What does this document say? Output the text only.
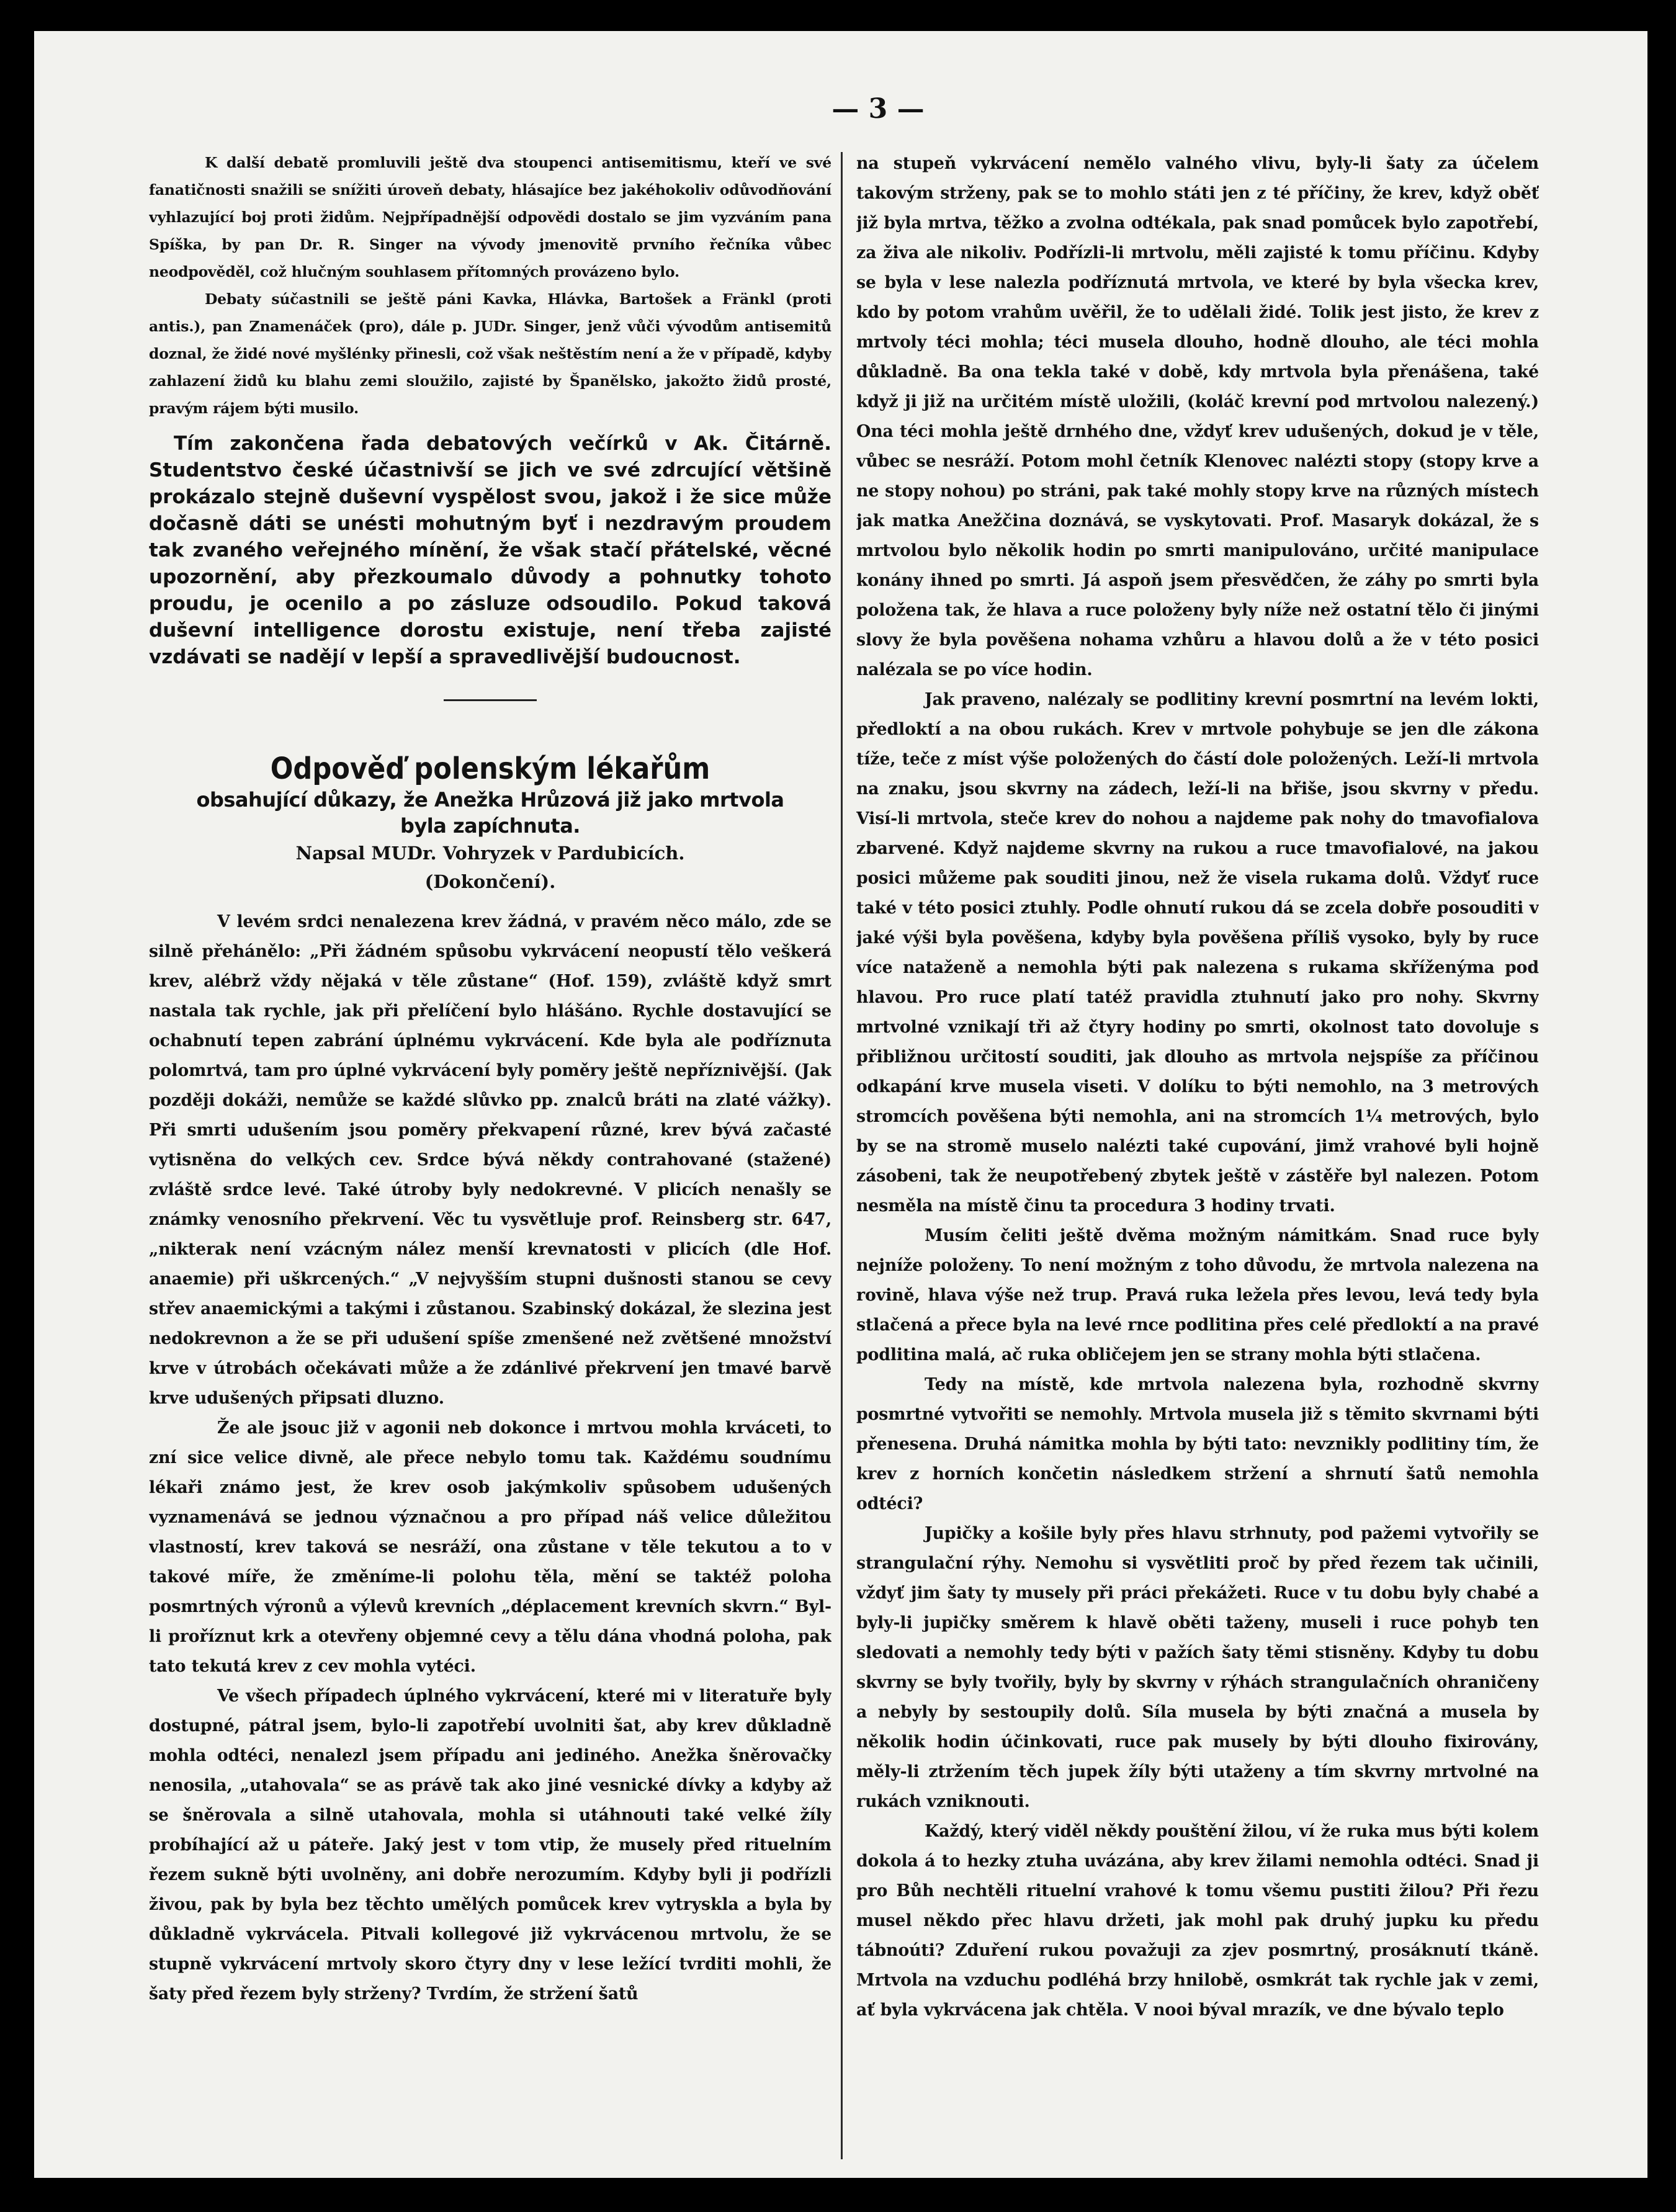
— 3 —

K další debatě promluvili ještě dva stoupenci antisemitismu, kteří ve své fanatičnosti snažili se snížiti úroveň debaty, hlásajíce bez jakéhokoliv odůvodňování vyhlazující boj proti židům. Nejpřípadnější odpovědi dostalo se jim vyzváním pana Spíška, by pan Dr. R. Singer na vývody jmenovitě prvního řečníka vůbec neodpověděl, což hlučným souhlasem přítomných provázeno bylo.

Debaty súčastnili se ještě páni Kavka, Hlávka, Bartošek a Fränkl (proti antis.), pan Znamenáček (pro), dále p. JUDr. Singer, jenž vůči vývodům antisemitů doznal, že židé nové myšlénky přinesli, což však neštěstím není a že v případě, kdyby zahlazení židů ku blahu zemi sloužilo, zajisté by Španělsko, jakožto židů prosté, pravým rájem býti musilo.

Tím zakončena řada debatových večírků v Ak. Čitárně. Studentstvo české účastnivší se jich ve své zdrcující většině prokázalo stejně duševní vyspělost svou, jakož i že sice může dočasně dáti se unésti mohutným byť i nezdravým proudem tak zvaného veřejného mínění, že však stačí přátelské, věcné upozornění, aby přezkoumalo důvody a pohnutky tohoto proudu, je ocenilo a po zásluze odsoudilo. Pokud taková duševní intelligence dorostu existuje, není třeba zajisté vzdávati se nadějí v lepší a spravedlivější budoucnost.

Odpověď polenským lékařům

obsahující důkazy, že Anežka Hrůzová již jako mrtvola

byla zapíchnuta.

Napsal MUDr. Vohryzek v Pardubicích.

(Dokončení).

V levém srdci nenalezena krev žádná, v pravém něco málo, zde se silně přehánělo: „Při žádném spůsobu vykrvácení neopustí tělo veškerá krev, alébrž vždy nějaká v těle zůstane“ (Hof. 159), zvláště když smrt nastala tak rychle, jak při přelíčení bylo hlášáno. Rychle dostavující se ochabnutí tepen zabrání úplnému vykrvácení. Kde byla ale podříznuta polomrtvá, tam pro úplné vykrvácení byly poměry ještě nepříznivější. (Jak později dokáži, nemůže se každé slůvko pp. znalců bráti na zlaté vážky). Při smrti udušením jsou poměry překvapení různé, krev bývá začasté vytisněna do velkých cev. Srdce bývá někdy contrahované (stažené) zvláště srdce levé. Také útroby byly nedokrevné. V plicích nenašly se známky venosního překrvení. Věc tu vysvětluje prof. Reinsberg str. 647, „nikterak není vzácným nález menší krevnatosti v plicích (dle Hof. anaemie) při uškrcených.“ „V nejvyšším stupni dušnosti stanou se cevy střev anaemickými a takými i zůstanou. Szabinský dokázal, že slezina jest nedokrevnon a že se při udušení spíše zmenšené než zvětšené množství krve v útrobách očekávati může a že zdánlivé překrvení jen tmavé barvě krve udušených připsati dluzno.

Že ale jsouc již v agonii neb dokonce i mrtvou mohla krváceti, to zní sice velice divně, ale přece nebylo tomu tak. Každému soudnímu lékaři známo jest, že krev osob jakýmkoliv spůsobem udušených vyznamenává se jednou význačnou a pro případ náš velice důležitou vlastností, krev taková se nesráží, ona zůstane v těle tekutou a to v takové míře, že změníme-li polohu těla, mění se taktéž poloha posmrtných výronů a výlevů krevních „déplacement krevních skvrn.“ Byl-li proříznut krk a otevřeny objemné cevy a tělu dána vhodná poloha, pak tato tekutá krev z cev mohla vytéci.

Ve všech případech úplného vykrvácení, které mi v literatuře byly dostupné, pátral jsem, bylo-li zapotřebí uvolniti šat, aby krev důkladně mohla odtéci, nenalezl jsem případu ani jediného. Anežka šněrovačky nenosila, „utahovala“ se as právě tak ako jiné vesnické dívky a kdyby až se šněrovala a silně utahovala, mohla si utáhnouti také velké žíly probíhající až u páteře. Jaký jest v tom vtip, že musely před rituelním řezem sukně býti uvolněny, ani dobře nerozumím. Kdyby byli ji podřízli živou, pak by byla bez těchto umělých pomůcek krev vytryskla a byla by důkladně vykrvácela. Pitvali kollegové již vykrvácenou mrtvolu, že se stupně vykrvácení mrtvoly skoro čtyry dny v lese ležící tvrditi mohli, že šaty před řezem byly strženy? Tvrdím, že stržení šatů

na stupeň vykrvácení nemělo valného vlivu, byly-li šaty za účelem takovým strženy, pak se to mohlo státi jen z té příčiny, že krev, když oběť již byla mrtva, těžko a zvolna odtékala, pak snad pomůcek bylo zapotřebí, za živa ale nikoliv. Podřízli-li mrtvolu, měli zajisté k tomu příčinu. Kdyby se byla v lese nalezla podříznutá mrtvola, ve které by byla všecka krev, kdo by potom vrahům uvěřil, že to udělali židé. Tolik jest jisto, že krev z mrtvoly téci mohla; téci musela dlouho, hodně dlouho, ale téci mohla důkladně. Ba ona tekla také v době, kdy mrtvola byla přenášena, také když ji již na určitém místě uložili, (koláč krevní pod mrtvolou nalezený.) Ona téci mohla ještě drnhého dne, vždyť krev udušených, dokud je v těle, vůbec se nesráží. Potom mohl četník Klenovec nalézti stopy (stopy krve a ne stopy nohou) po stráni, pak také mohly stopy krve na různých místech jak matka Anežčina doznává, se vyskytovati. Prof. Masaryk dokázal, že s mrtvolou bylo několik hodin po smrti manipulováno, určité manipulace konány ihned po smrti. Já aspoň jsem přesvědčen, že záhy po smrti byla položena tak, že hlava a ruce položeny byly níže než ostatní tělo či jinými slovy že byla pověšena nohama vzhůru a hlavou dolů a že v této posici nalézala se po více hodin.

Jak praveno, nalézaly se podlitiny krevní posmrtní na levém lokti, předloktí a na obou rukách. Krev v mrtvole pohybuje se jen dle zákona tíže, teče z míst výše položených do částí dole položených. Leží-li mrtvola na znaku, jsou skvrny na zádech, leží-li na břiše, jsou skvrny v předu. Visí-li mrtvola, steče krev do nohou a najdeme pak nohy do tmavofialova zbarvené. Když najdeme skvrny na rukou a ruce tmavofialové, na jakou posici můžeme pak souditi jinou, než že visela rukama dolů. Vždyť ruce také v této posici ztuhly. Podle ohnutí rukou dá se zcela dobře posouditi v jaké výši byla pověšena, kdyby byla pověšena příliš vysoko, byly by ruce více nataženě a nemohla býti pak nalezena s rukama skříženýma pod hlavou. Pro ruce platí tatéž pravidla ztuhnutí jako pro nohy. Skvrny mrtvolné vznikají tři až čtyry hodiny po smrti, okolnost tato dovoluje s přibližnou určitostí souditi, jak dlouho as mrtvola nejspíše za příčinou odkapání krve musela viseti. V dolíku to býti nemohlo, na 3 metrových stromcích pověšena býti nemohla, ani na stromcích 1¼ metrových, bylo by se na stromě muselo nalézti také cupování, jimž vrahové byli hojně zásobeni, tak že neupotřebený zbytek ještě v zástěře byl nalezen. Potom nesměla na místě činu ta procedura 3 hodiny trvati.

Musím čeliti ještě dvěma možným námitkám. Snad ruce byly nejníže položeny. To není možným z toho důvodu, že mrtvola nalezena na rovině, hlava výše než trup. Pravá ruka ležela přes levou, levá tedy byla stlačená a přece byla na levé rnce podlitina přes celé předloktí a na pravé podlitina malá, ač ruka obličejem jen se strany mohla býti stlačena.

Tedy na místě, kde mrtvola nalezena byla, rozhodně skvrny posmrtné vytvořiti se nemohly. Mrtvola musela již s těmito skvrnami býti přenesena. Druhá námitka mohla by býti tato: nevznikly podlitiny tím, že krev z horních končetin následkem stržení a shrnutí šatů nemohla odtéci?

Jupičky a košile byly přes hlavu strhnuty, pod pažemi vytvořily se strangulační rýhy. Nemohu si vysvětliti proč by před řezem tak učinili, vždyť jim šaty ty musely při práci překážeti. Ruce v tu dobu byly chabé a byly-li jupičky směrem k hlavě oběti taženy, museli i ruce pohyb ten sledovati a nemohly tedy býti v pažích šaty těmi stisněny. Kdyby tu dobu skvrny se byly tvořily, byly by skvrny v rýhách strangulačních ohraničeny a nebyly by sestoupily dolů. Síla musela by býti značná a musela by několik hodin účinkovati, ruce pak musely by býti dlouho fixirovány, měly-li ztržením těch jupek žíly býti utaženy a tím skvrny mrtvolné na rukách vzniknouti.

Každý, který viděl někdy pouštění žilou, ví že ruka mus býti kolem dokola á to hezky ztuha uvázána, aby krev žilami nemohla odtéci. Snad ji pro Bůh nechtěli rituelní vrahové k tomu všemu pustiti žilou? Při řezu musel někdo přec hlavu držeti, jak mohl pak druhý jupku ku předu tábnoúti? Zduření rukou považuji za zjev posmrtný, prosáknutí tkáně. Mrtvola na vzduchu podléhá brzy hnilobě, osmkrát tak rychle jak v zemi, ať byla vykrvácena jak chtěla. V nooi býval mrazík, ve dne bývalo teplo
